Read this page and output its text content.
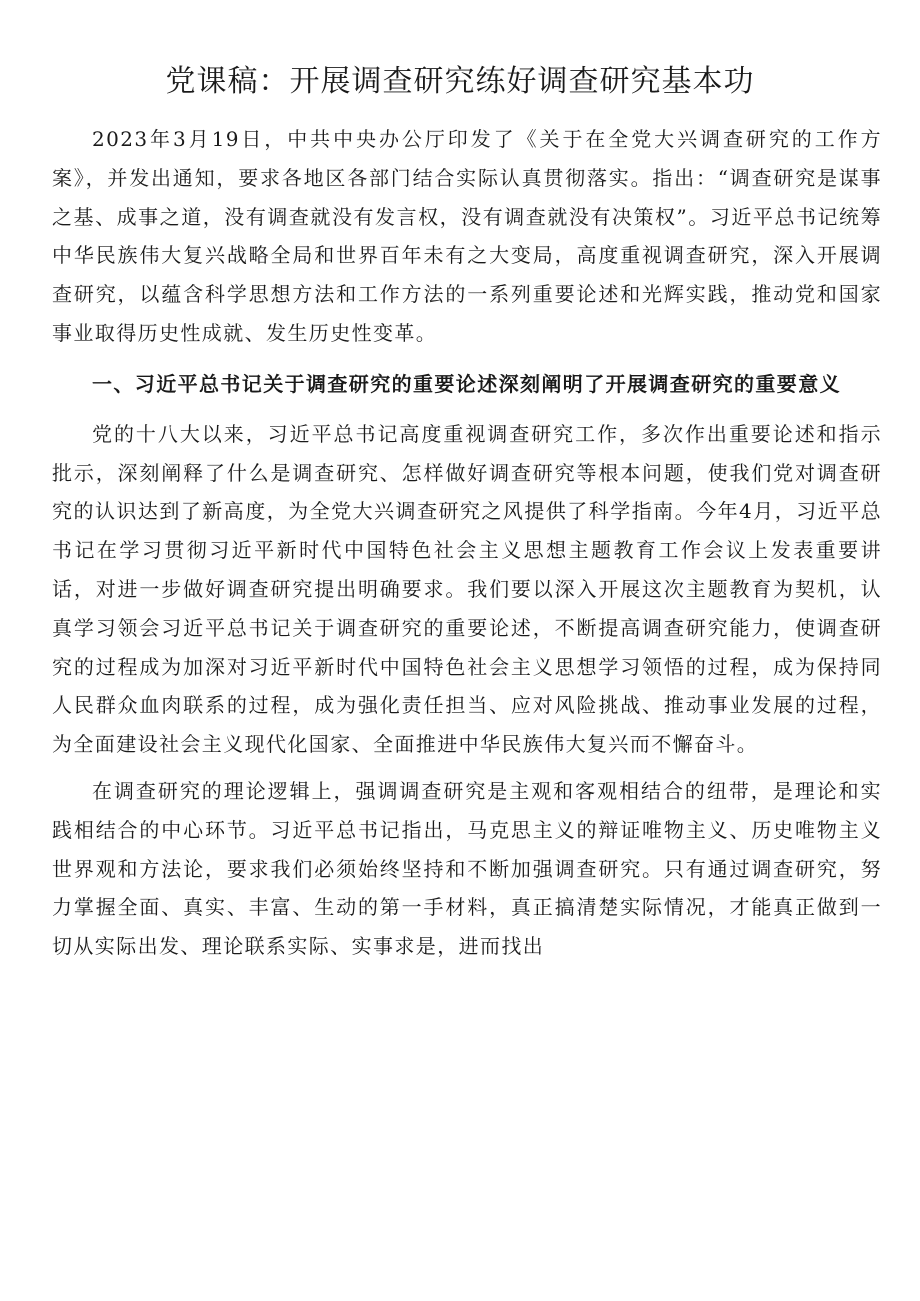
党课稿：开展调查研究练好调查研究基本功

2023年3月19日，中共中央办公厅印发了《关于在全党大兴调查研究的工作方案》，并发出通知，要求各地区各部门结合实际认真贯彻落实。指出：“调查研究是谋事之基、成事之道，没有调查就没有发言权，没有调查就没有决策权”。习近平总书记统筹中华民族伟大复兴战略全局和世界百年未有之大变局，高度重视调查研究，深入开展调查研究，以蕴含科学思想方法和工作方法的一系列重要论述和光辉实践，推动党和国家事业取得历史性成就、发生历史性变革。

一、习近平总书记关于调查研究的重要论述深刻阐明了开展调查研究的重要意义

党的十八大以来，习近平总书记高度重视调查研究工作，多次作出重要论述和指示批示，深刻阐释了什么是调查研究、怎样做好调查研究等根本问题，使我们党对调查研究的认识达到了新高度，为全党大兴调查研究之风提供了科学指南。今年4月，习近平总书记在学习贯彻习近平新时代中国特色社会主义思想主题教育工作会议上发表重要讲话，对进一步做好调查研究提出明确要求。我们要以深入开展这次主题教育为契机，认真学习领会习近平总书记关于调查研究的重要论述，不断提高调查研究能力，使调查研究的过程成为加深对习近平新时代中国特色社会主义思想学习领悟的过程，成为保持同人民群众血肉联系的过程，成为强化责任担当、应对风险挑战、推动事业发展的过程，为全面建设社会主义现代化国家、全面推进中华民族伟大复兴而不懈奋斗。

在调查研究的理论逻辑上，强调调查研究是主观和客观相结合的纽带，是理论和实践相结合的中心环节。习近平总书记指出，马克思主义的辩证唯物主义、历史唯物主义世界观和方法论，要求我们必须始终坚持和不断加强调查研究。只有通过调查研究，努力掌握全面、真实、丰富、生动的第一手材料，真正搞清楚实际情况，才能真正做到一切从实际出发、理论联系实际、实事求是，进而找出
